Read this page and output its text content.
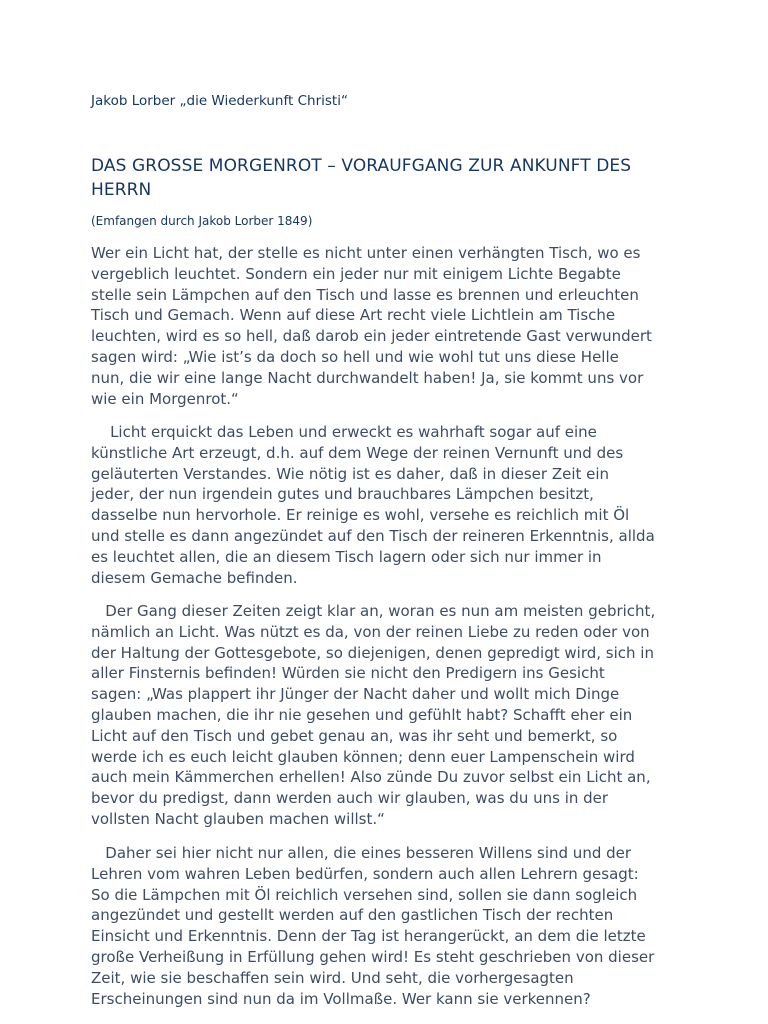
Jakob Lorber „die Wiederkunft Christi“
DAS GROSSE MORGENROT – VORAUFGANG ZUR ANKUNFT DES HERRN
(Emfangen durch Jakob Lorber 1849)

Wer ein Licht hat, der stelle es nicht unter einen verhängten Tisch, wo es
vergeblich leuchtet. Sondern ein jeder nur mit einigem Lichte Begabte
stelle sein Lämpchen auf den Tisch und lasse es brennen und erleuchten
Tisch und Gemach. Wenn auf diese Art recht viele Lichtlein am Tische
leuchten, wird es so hell, daß darob ein jeder eintretende Gast verwundert
sagen wird: „Wie ist’s da doch so hell und wie wohl tut uns diese Helle
nun, die wir eine lange Nacht durchwandelt haben! Ja, sie kommt uns vor
wie ein Morgenrot.“

Licht erquickt das Leben und erweckt es wahrhaft sogar auf eine
künstliche Art erzeugt, d.h. auf dem Wege der reinen Vernunft und des
geläuterten Verstandes. Wie nötig ist es daher, daß in dieser Zeit ein
jeder, der nun irgendein gutes und brauchbares Lämpchen besitzt,
dasselbe nun hervorhole. Er reinige es wohl, versehe es reichlich mit Öl
und stelle es dann angezündet auf den Tisch der reineren Erkenntnis, allda
es leuchtet allen, die an diesem Tisch lagern oder sich nur immer in
diesem Gemache befinden.

Der Gang dieser Zeiten zeigt klar an, woran es nun am meisten gebricht,
nämlich an Licht. Was nützt es da, von der reinen Liebe zu reden oder von
der Haltung der Gottesgebote, so diejenigen, denen gepredigt wird, sich in
aller Finsternis befinden! Würden sie nicht den Predigern ins Gesicht
sagen: „Was plappert ihr Jünger der Nacht daher und wollt mich Dinge
glauben machen, die ihr nie gesehen und gefühlt habt? Schafft eher ein
Licht auf den Tisch und gebet genau an, was ihr seht und bemerkt, so
werde ich es euch leicht glauben können; denn euer Lampenschein wird
auch mein Kämmerchen erhellen! Also zünde Du zuvor selbst ein Licht an,
bevor du predigst, dann werden auch wir glauben, was du uns in der
vollsten Nacht glauben machen willst.“

Daher sei hier nicht nur allen, die eines besseren Willens sind und der
Lehren vom wahren Leben bedürfen, sondern auch allen Lehrern gesagt:
So die Lämpchen mit Öl reichlich versehen sind, sollen sie dann sogleich
angezündet und gestellt werden auf den gastlichen Tisch der rechten
Einsicht und Erkenntnis. Denn der Tag ist herangerückt, an dem die letzte
große Verheißung in Erfüllung gehen wird! Es steht geschrieben von dieser
Zeit, wie sie beschaffen sein wird. Und seht, die vorhergesagten
Erscheinungen sind nun da im Vollmaße. Wer kann sie verkennen?
